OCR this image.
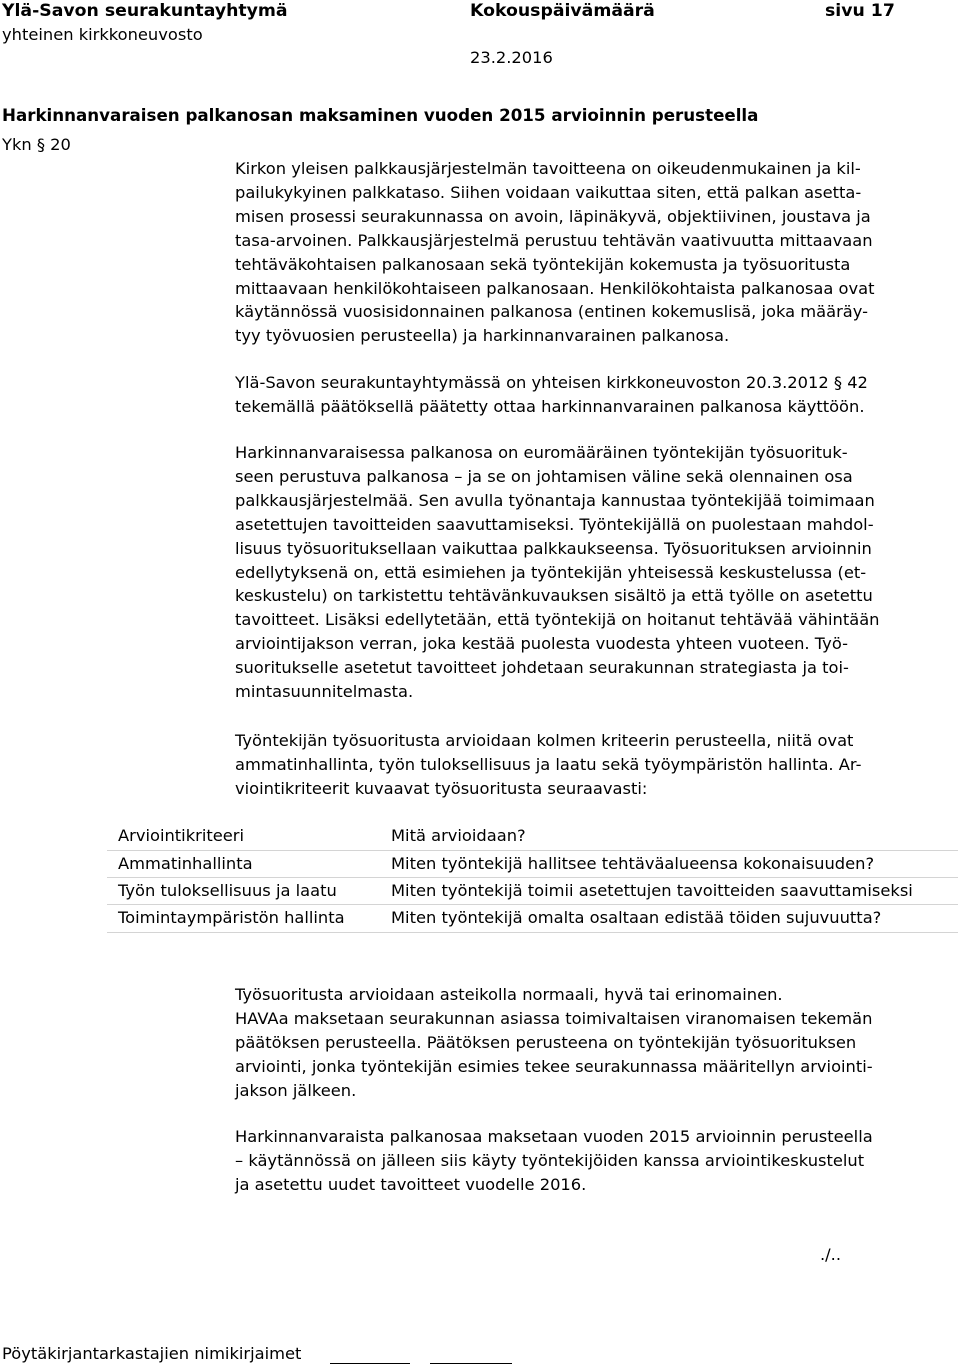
Ylä-Savon seurakuntayhtymä
yhteinen kirkkoneuvosto
Kokouspäivämäärä
23.2.2016
sivu 17
Harkinnanvaraisen palkanosan maksaminen vuoden 2015 arvioinnin perusteella
Ykn § 20
Kirkon yleisen palkkausjärjestelmän tavoitteena on oikeudenmukainen ja kil-
pailukykyinen palkkataso. Siihen voidaan vaikuttaa siten, että palkan asetta-
misen prosessi seurakunnassa on avoin, läpinäkyvä, objektiivinen, joustava ja
tasa-arvoinen. Palkkausjärjestelmä perustuu tehtävän vaativuutta mittaavaan
tehtäväkohtaisen palkanosaan sekä työntekijän kokemusta ja työsuoritusta
mittaavaan henkilökohtaiseen palkanosaan. Henkilökohtaista palkanosaa ovat
käytännössä vuosisidonnainen palkanosa (entinen kokemuslisä, joka määräy-
tyy työvuosien perusteella) ja harkinnanvarainen palkanosa.
Ylä-Savon seurakuntayhtymässä on yhteisen kirkkoneuvoston 20.3.2012 § 42
tekemällä päätöksellä päätetty ottaa harkinnanvarainen palkanosa käyttöön.
Harkinnanvaraisessa palkanosa on euromääräinen työntekijän työsuorituk-
seen perustuva palkanosa – ja se on johtamisen väline sekä olennainen osa
palkkausjärjestelmää. Sen avulla työnantaja kannustaa työntekijää toimimaan
asetettujen tavoitteiden saavuttamiseksi. Työntekijällä on puolestaan mahdol-
lisuus työsuorituksellaan vaikuttaa palkkaukseensa. Työsuorituksen arvioinnin
edellytyksenä on, että esimiehen ja työntekijän yhteisessä keskustelussa (et-
keskustelu) on tarkistettu tehtävänkuvauksen sisältö ja että työlle on asetettu
tavoitteet. Lisäksi edellytetään, että työntekijä on hoitanut tehtävää vähintään
arviointijakson verran, joka kestää puolesta vuodesta yhteen vuoteen. Työ-
suoritukselle asetetut tavoitteet johdetaan seurakunnan strategiasta ja toi-
mintasuunnitelmasta.
Työntekijän työsuoritusta arvioidaan kolmen kriteerin perusteella, niitä ovat
ammatinhallinta, työn tuloksellisuus ja laatu sekä työympäristön hallinta. Ar-
viointikriteerit kuvaavat työsuoritusta seuraavasti:
Arviointikriteeri	Mitä arvioidaan?
Ammatinhallinta	Miten työntekijä hallitsee tehtäväalueensa kokonaisuuden?
Työn tuloksellisuus ja laatu	Miten työntekijä toimii asetettujen tavoitteiden saavuttamiseksi
Toimintaympäristön hallinta	Miten työntekijä omalta osaltaan edistää töiden sujuvuutta?
Työsuoritusta arvioidaan asteikolla normaali, hyvä tai erinomainen.
HAVAa maksetaan seurakunnan asiassa toimivaltaisen viranomaisen tekemän
päätöksen perusteella. Päätöksen perusteena on työntekijän työsuorituksen
arviointi, jonka työntekijän esimies tekee seurakunnassa määritellyn arviointi-
jakson jälkeen.
Harkinnanvaraista palkanosaa maksetaan vuoden 2015 arvioinnin perusteella
– käytännössä on jälleen siis käyty työntekijöiden kanssa arviointikeskustelut
ja asetettu uudet tavoitteet vuodelle 2016.
./..
Pöytäkirjantarkastajien nimikirjaimet
